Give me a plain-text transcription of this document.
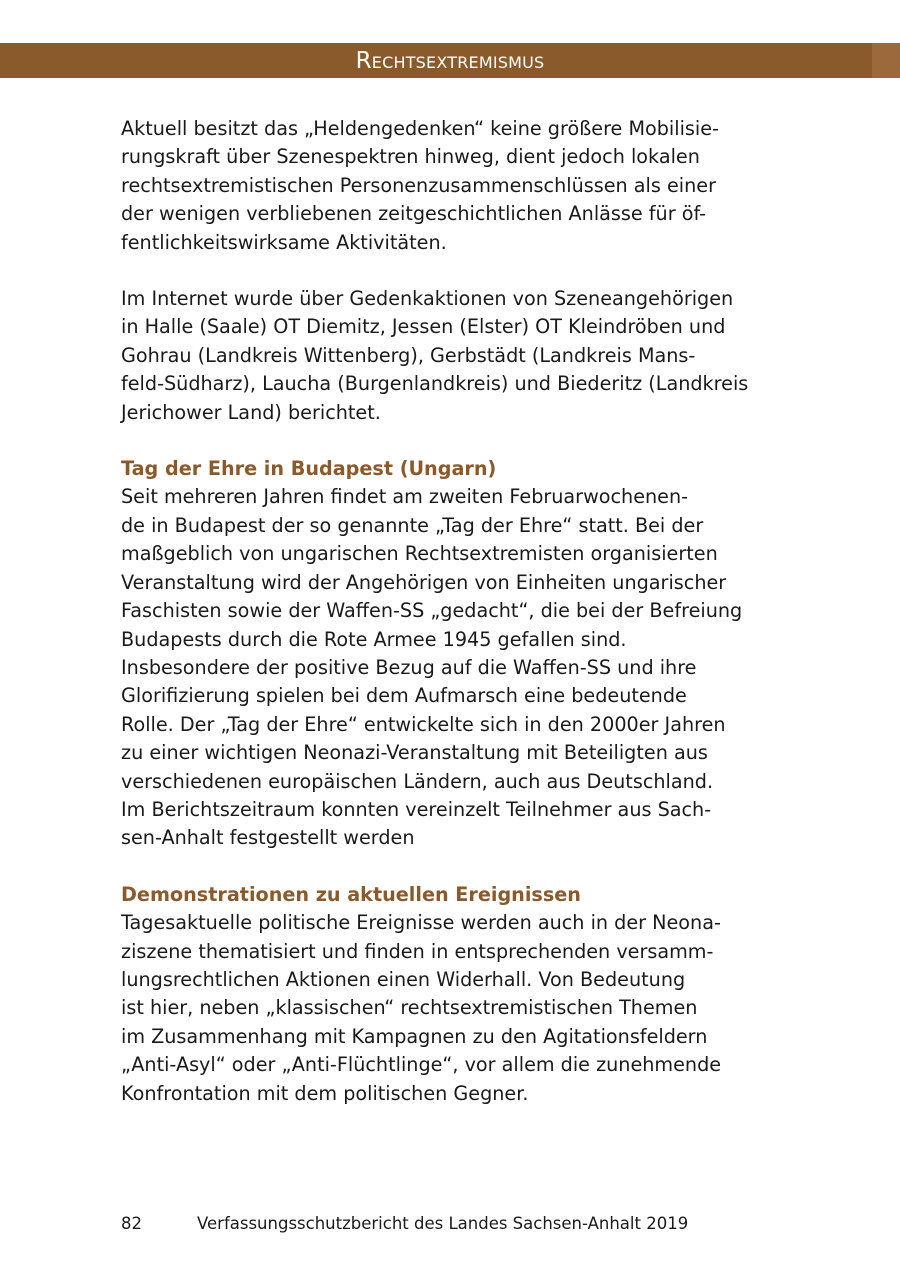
Rechtsextremismus

Aktuell besitzt das „Heldengedenken“ keine größere Mobilisie-
rungskraft über Szenespektren hinweg, dient jedoch lokalen
rechtsextremistischen Personenzusammenschlüssen als einer
der wenigen verbliebenen zeitgeschichtlichen Anlässe für öf-
fentlichkeitswirksame Aktivitäten.

Im Internet wurde über Gedenkaktionen von Szeneangehörigen
in Halle (Saale) OT Diemitz, Jessen (Elster) OT Kleindröben und
Gohrau (Landkreis Wittenberg), Gerbstädt (Landkreis Mans-
feld-Südharz), Laucha (Burgenlandkreis) und Biederitz (Landkreis
Jerichower Land) berichtet.

Tag der Ehre in Budapest (Ungarn)

Seit mehreren Jahren findet am zweiten Februarwochenen-
de in Budapest der so genannte „Tag der Ehre“ statt. Bei der
maßgeblich von ungarischen Rechtsextremisten organisierten
Veranstaltung wird der Angehörigen von Einheiten ungarischer
Faschisten sowie der Waffen-SS „gedacht“, die bei der Befreiung
Budapests durch die Rote Armee 1945 gefallen sind.
Insbesondere der positive Bezug auf die Waffen-SS und ihre
Glorifizierung spielen bei dem Aufmarsch eine bedeutende
Rolle. Der „Tag der Ehre“ entwickelte sich in den 2000er Jahren
zu einer wichtigen Neonazi-Veranstaltung mit Beteiligten aus
verschiedenen europäischen Ländern, auch aus Deutschland.
Im Berichtszeitraum konnten vereinzelt Teilnehmer aus Sach-
sen-Anhalt festgestellt werden

Demonstrationen zu aktuellen Ereignissen

Tagesaktuelle politische Ereignisse werden auch in der Neona-
ziszene thematisiert und finden in entsprechenden versamm-
lungsrechtlichen Aktionen einen Widerhall. Von Bedeutung
ist hier, neben „klassischen“ rechtsextremistischen Themen
im Zusammenhang mit Kampagnen zu den Agitationsfeldern
„Anti-Asyl“ oder „Anti-Flüchtlinge“, vor allem die zunehmende
Konfrontation mit dem politischen Gegner.

82	Verfassungsschutzbericht des Landes Sachsen-Anhalt 2019
